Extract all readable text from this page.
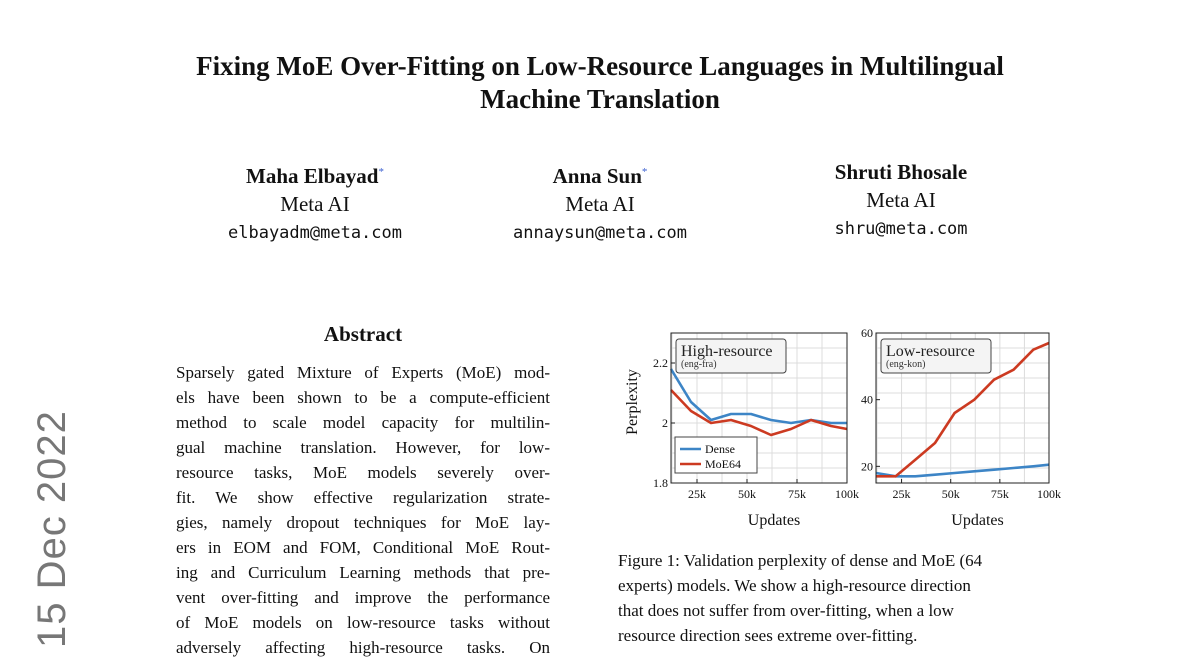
Fixing MoE Over-Fitting on Low-Resource Languages in Multilingual
Machine Translation
Maha Elbayad*
Meta AI
elbayadm@meta.com
Anna Sun*
Meta AI
annaysun@meta.com
Shruti Bhosale
Meta AI
shru@meta.com
15 Dec 2022
Abstract
Sparsely gated Mixture of Experts (MoE) mod-
els have been shown to be a compute-efficient
method to scale model capacity for multilin-
gual machine translation. However, for low-
resource tasks, MoE models severely over-
fit. We show effective regularization strate-
gies, namely dropout techniques for MoE lay-
ers in EOM and FOM, Conditional MoE Rout-
ing and Curriculum Learning methods that pre-
vent over-fitting and improve the performance
of MoE models on low-resource tasks without
adversely affecting high-resource tasks. On
25k	50k	75k 100k
1.8
2
2.2
Updates
Perplexity
High-resource
(eng-fra)
Dense
MoE64
25k	50k	75k 100k
20
40
60
Updates
Low-resource
(eng-kon)
Figure 1: Validation perplexity of dense and MoE (64
experts) models. We show a high-resource direction
that does not suffer from over-fitting, when a low
resource direction sees extreme over-fitting.
